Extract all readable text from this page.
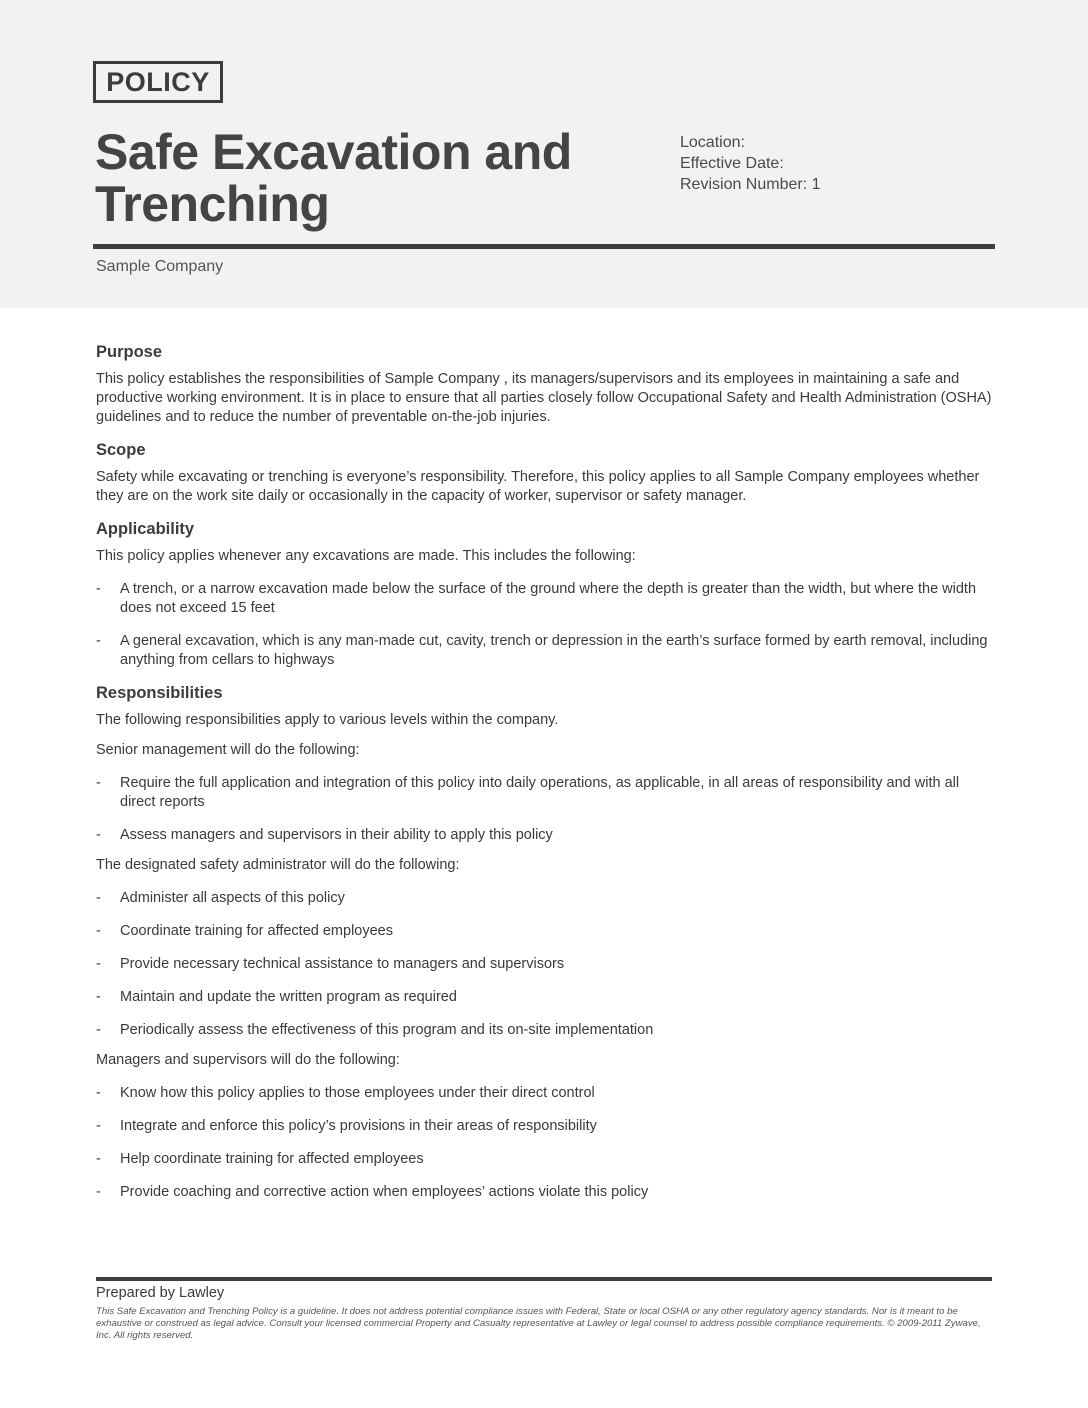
POLICY
Safe Excavation and Trenching
Location:
Effective Date:
Revision Number: 1
Sample Company
Purpose

This policy establishes the responsibilities of Sample Company , its managers/supervisors and its employees in maintaining a safe and productive working environment. It is in place to ensure that all parties closely follow Occupational Safety and Health Administration (OSHA) guidelines and to reduce the number of preventable on-the-job injuries.

Scope

Safety while excavating or trenching is everyone’s responsibility. Therefore, this policy applies to all Sample Company employees whether they are on the work site daily or occasionally in the capacity of worker, supervisor or safety manager.

Applicability

This policy applies whenever any excavations are made. This includes the following:

- A trench, or a narrow excavation made below the surface of the ground where the depth is greater than the width, but where the width does not exceed 15 feet
- A general excavation, which is any man-made cut, cavity, trench or depression in the earth’s surface formed by earth removal, including anything from cellars to highways
Responsibilities

The following responsibilities apply to various levels within the company.

Senior management will do the following:

- Require the full application and integration of this policy into daily operations, as applicable, in all areas of responsibility and with all direct reports
- Assess managers and supervisors in their ability to apply this policy

The designated safety administrator will do the following:

- Administer all aspects of this policy
- Coordinate training for affected employees
- Provide necessary technical assistance to managers and supervisors
- Maintain and update the written program as required
- Periodically assess the effectiveness of this program and its on-site implementation

Managers and supervisors will do the following:

- Know how this policy applies to those employees under their direct control
- Integrate and enforce this policy’s provisions in their areas of responsibility
- Help coordinate training for affected employees
- Provide coaching and corrective action when employees’ actions violate this policy
Prepared by Lawley
This Safe Excavation and Trenching Policy is a guideline. It does not address potential compliance issues with Federal, State or local OSHA or any other regulatory agency standards. Nor is it meant to be exhaustive or construed as legal advice. Consult your licensed commercial Property and Casualty representative at Lawley or legal counsel to address possible compliance requirements. © 2009-2011 Zywave, Inc. All rights reserved.
